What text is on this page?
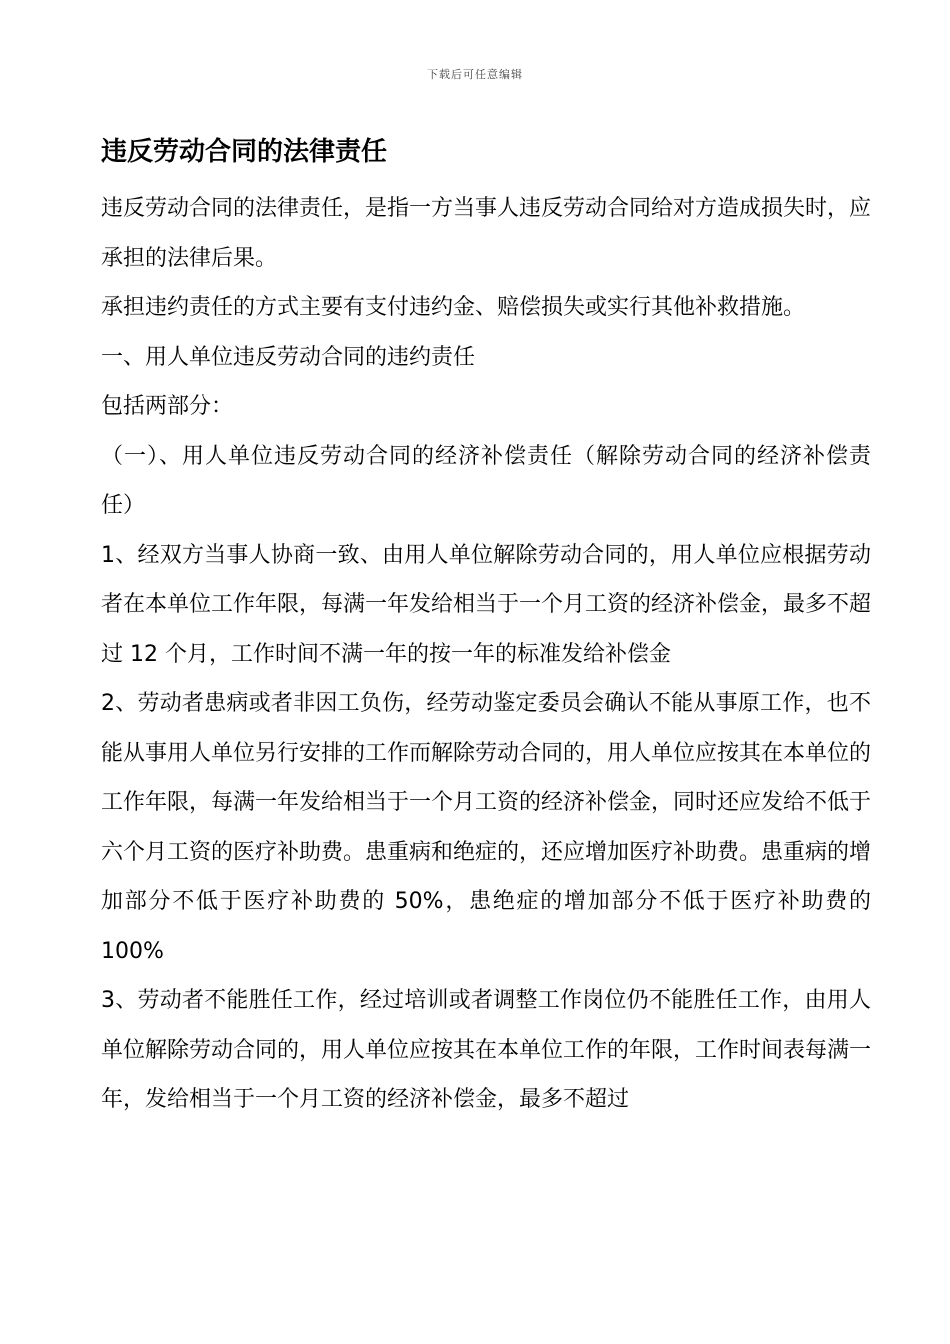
下载后可任意编辑
违反劳动合同的法律责任

违反劳动合同的法律责任，是指一方当事人违反劳动合同给对方造成损失时，应承担的法律后果。

承担违约责任的方式主要有支付违约金、赔偿损失或实行其他补救措施。

一、用人单位违反劳动合同的违约责任

包括两部分：

（一）、用人单位违反劳动合同的经济补偿责任（解除劳动合同的经济补偿责任）

1、经双方当事人协商一致、由用人单位解除劳动合同的，用人单位应根据劳动者在本单位工作年限，每满一年发给相当于一个月工资的经济补偿金，最多不超过 12 个月，工作时间不满一年的按一年的标准发给补偿金

2、劳动者患病或者非因工负伤，经劳动鉴定委员会确认不能从事原工作，也不能从事用人单位另行安排的工作而解除劳动合同的，用人单位应按其在本单位的工作年限，每满一年发给相当于一个月工资的经济补偿金，同时还应发给不低于六个月工资的医疗补助费。患重病和绝症的，还应增加医疗补助费。患重病的增加部分不低于医疗补助费的 50%，患绝症的增加部分不低于医疗补助费的 100%

3、劳动者不能胜任工作，经过培训或者调整工作岗位仍不能胜任工作，由用人单位解除劳动合同的，用人单位应按其在本单位工作的年限，工作时间表每满一年，发给相当于一个月工资的经济补偿金，最多不超过
